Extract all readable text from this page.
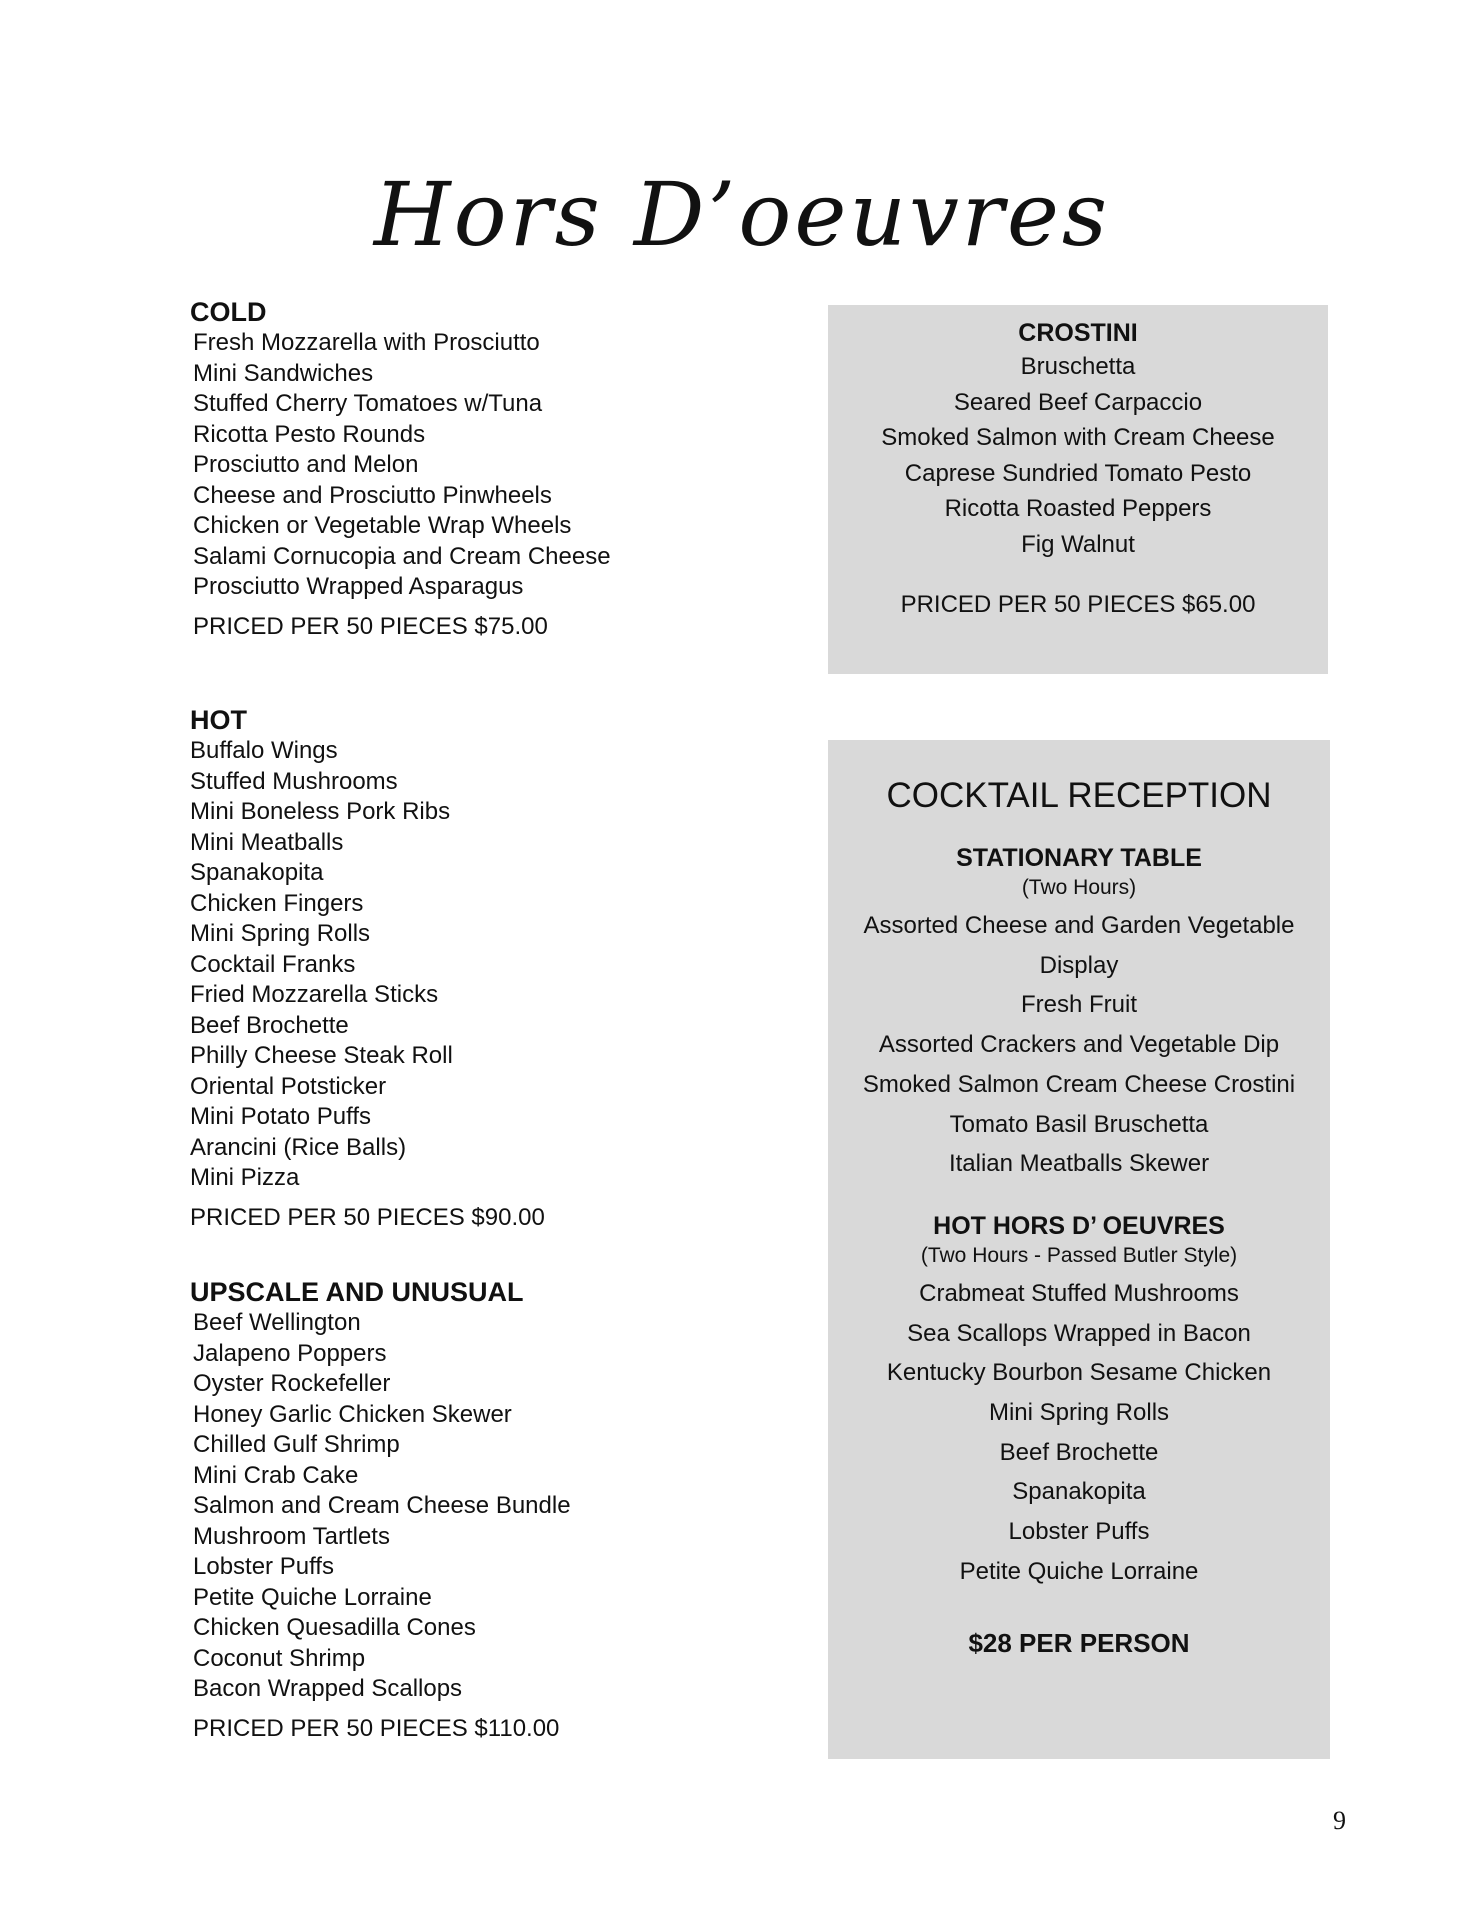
Hors D’oeuvres
COLD
Fresh Mozzarella with Prosciutto
Mini Sandwiches
Stuffed Cherry Tomatoes w/Tuna
Ricotta Pesto Rounds
Prosciutto and Melon
Cheese and Prosciutto Pinwheels
Chicken or Vegetable Wrap Wheels
Salami Cornucopia and Cream Cheese
Prosciutto Wrapped Asparagus
PRICED PER 50 PIECES $75.00
HOT
Buffalo Wings
Stuffed Mushrooms
Mini Boneless Pork Ribs
Mini Meatballs
Spanakopita
Chicken Fingers
Mini Spring Rolls
Cocktail Franks
Fried Mozzarella Sticks
Beef Brochette
Philly Cheese Steak Roll
Oriental Potsticker
Mini Potato Puffs
Arancini (Rice Balls)
Mini Pizza
PRICED PER 50 PIECES $90.00
UPSCALE AND UNUSUAL
Beef Wellington
Jalapeno Poppers
Oyster Rockefeller
Honey Garlic Chicken Skewer
Chilled Gulf Shrimp
Mini Crab Cake
Salmon and Cream Cheese Bundle
Mushroom Tartlets
Lobster Puffs
Petite Quiche Lorraine
Chicken Quesadilla Cones
Coconut Shrimp
Bacon Wrapped Scallops
PRICED PER 50 PIECES $110.00
CROSTINI
Bruschetta
Seared Beef Carpaccio
Smoked Salmon with Cream Cheese
Caprese Sundried Tomato Pesto
Ricotta Roasted Peppers
Fig Walnut
PRICED PER 50 PIECES $65.00
COCKTAIL RECEPTION
STATIONARY TABLE
(Two Hours)
Assorted Cheese and Garden Vegetable
Display
Fresh Fruit
Assorted Crackers and Vegetable Dip
Smoked Salmon Cream Cheese Crostini
Tomato Basil Bruschetta
Italian Meatballs Skewer
HOT HORS D’ OEUVRES
(Two Hours - Passed Butler Style)
Crabmeat Stuffed Mushrooms
Sea Scallops Wrapped in Bacon
Kentucky Bourbon Sesame Chicken
Mini Spring Rolls
Beef Brochette
Spanakopita
Lobster Puffs
Petite Quiche Lorraine
$28 PER PERSON
9
